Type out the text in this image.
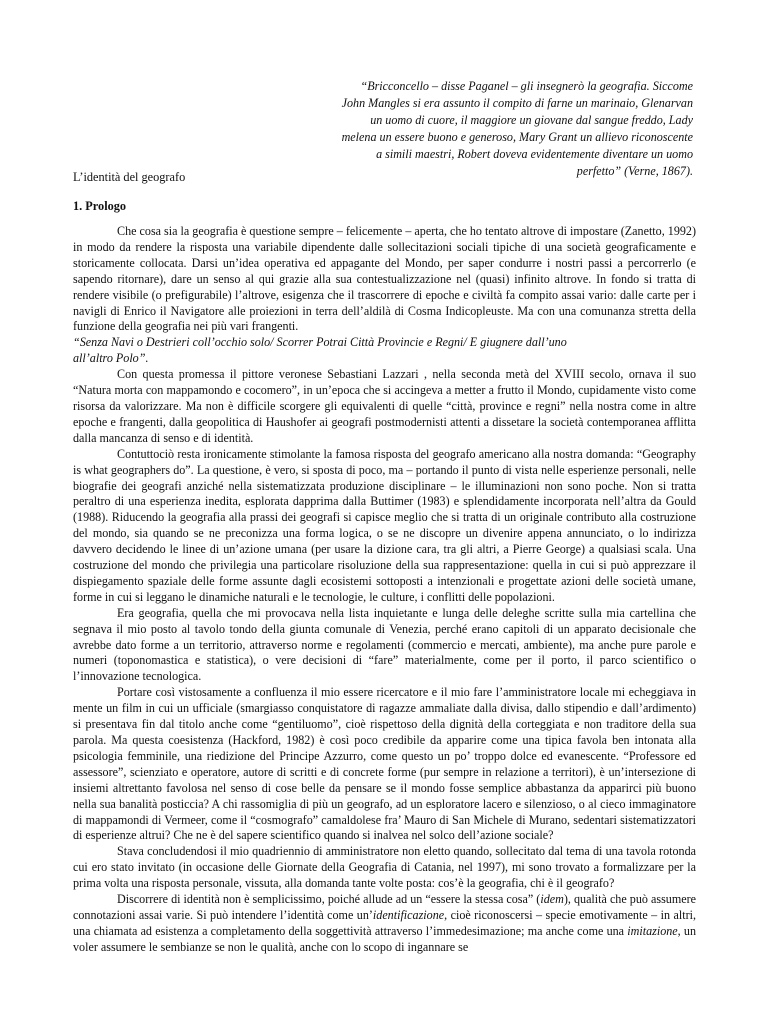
“Bricconcello – disse Paganel – gli insegnerò la geografia. Siccome John Mangles si era assunto il compito di farne un marinaio, Glenarvan un uomo di cuore, il maggiore un giovane dal sangue freddo, Lady melena un essere buono e generoso, Mary Grant un allievo riconoscente a simili maestri, Robert doveva evidentemente diventare un uomo perfetto” (Verne, 1867).
L’identità del geografo
1. Prologo

Che cosa sia la geografia è questione sempre – felicemente – aperta, che ho tentato altrove di impostare (Zanetto, 1992) in modo da rendere la risposta una variabile dipendente dalle sollecitazioni sociali tipiche di una società geograficamente e storicamente collocata. Darsi un’idea operativa ed appagante del Mondo, per saper condurre i nostri passi a percorrerlo (e sapendo ritornare), dare un senso al qui grazie alla sua contestualizzazione nel (quasi) infinito altrove. In fondo si tratta di rendere visibile (o prefigurabile) l’altrove, esigenza che il trascorrere di epoche e civiltà fa compito assai vario: dalle carte per i navigli di Enrico il Navigatore alle proiezioni in terra dell’aldilà di Cosma Indicopleuste. Ma con una comunanza stretta della funzione della geografia nei più vari frangenti.

“Senza Navi o Destrieri coll’occhio solo/ Scorrer Potrai Città Provincie e Regni/ E giugnere dall’uno all’altro Polo”.

Con questa promessa il pittore veronese Sebastiani Lazzari , nella seconda metà del XVIII secolo, ornava il suo “Natura morta con mappamondo e cocomero”, in un’epoca che si accingeva a metter a frutto il Mondo, cupidamente visto come risorsa da valorizzare. Ma non è difficile scorgere gli equivalenti di quelle “città, province e regni” nella nostra come in altre epoche e frangenti, dalla geopolitica di Haushofer ai geografi postmodernisti attenti a dissetare la società contemporanea afflitta dalla mancanza di senso e di identità.

Contuttociò resta ironicamente stimolante la famosa risposta del geografo americano alla nostra domanda: “Geography is what geographers do”. La questione, è vero, si sposta di poco, ma – portando il punto di vista nelle esperienze personali, nelle biografie dei geografi anziché nella sistematizzata produzione disciplinare – le illuminazioni non sono poche. Non si tratta peraltro di una esperienza inedita, esplorata dapprima dalla Buttimer (1983) e splendidamente incorporata nell’altra da Gould (1988). Riducendo la geografia alla prassi dei geografi si capisce meglio che si tratta di un originale contributo alla costruzione del mondo, sia quando se ne preconizza una forma logica, o se ne discopre un divenire appena annunciato, o lo indirizza davvero decidendo le linee di un’azione umana (per usare la dizione cara, tra gli altri, a Pierre George) a qualsiasi scala. Una costruzione del mondo che privilegia una particolare risoluzione della sua rappresentazione: quella in cui si può apprezzare il dispiegamento spaziale delle forme assunte dagli ecosistemi sottoposti a intenzionali e progettate azioni delle società umane, forme in cui si leggano le dinamiche naturali e le tecnologie, le culture, i conflitti delle popolazioni.

Era geografia, quella che mi provocava nella lista inquietante e lunga delle deleghe scritte sulla mia cartellina che segnava il mio posto al tavolo tondo della giunta comunale di Venezia, perché erano capitoli di un apparato decisionale che avrebbe dato forme a un territorio, attraverso norme e regolamenti (commercio e mercati, ambiente), ma anche pure parole e numeri (toponomastica e statistica), o vere decisioni di “fare” materialmente, come per il porto, il parco scientifico o l’innovazione tecnologica.

Portare così vistosamente a confluenza il mio essere ricercatore e il mio fare l’amministratore locale mi echeggiava in mente un film in cui un ufficiale (smargiasso conquistatore di ragazze ammaliate dalla divisa, dallo stipendio e dall’ardimento) si presentava fin dal titolo anche come “gentiluomo”, cioè rispettoso della dignità della corteggiata e non traditore della sua parola. Ma questa coesistenza (Hackford, 1982) è così poco credibile da apparire come una tipica favola ben intonata alla psicologia femminile, una riedizione del Principe Azzurro, come questo un po’ troppo dolce ed evanescente. “Professore ed assessore”, scienziato e operatore, autore di scritti e di concrete forme (pur sempre in relazione a territori), è un’intersezione di insiemi altrettanto favolosa nel senso di cose belle da pensare se il mondo fosse semplice abbastanza da apparirci più buono nella sua banalità posticcia? A chi rassomiglia di più un geografo, ad un esploratore lacero e silenzioso, o al cieco immaginatore di mappamondi di Vermeer, come il “cosmografo” camaldolese fra’ Mauro di San Michele di Murano, sedentari sistematizzatori di esperienze altrui? Che ne è del sapere scientifico quando si inalvea nel solco dell’azione sociale?

Stava concludendosi il mio quadriennio di amministratore non eletto quando, sollecitato dal tema di una tavola rotonda cui ero stato invitato (in occasione delle Giornate della Geografia di Catania, nel 1997), mi sono trovato a formalizzare per la prima volta una risposta personale, vissuta, alla domanda tante volte posta: cos’è la geografia, chi è il geografo?

Discorrere di identità non è semplicissimo, poiché allude ad un “essere la stessa cosa” (idem), qualità che può assumere connotazioni assai varie. Si può intendere l’identità come un’identificazione, cioè riconoscersi – specie emotivamente – in altri, una chiamata ad esistenza a completamento della soggettività attraverso l’immedesimazione; ma anche come una imitazione, un voler assumere le sembianze se non le qualità, anche con lo scopo di ingannare se
